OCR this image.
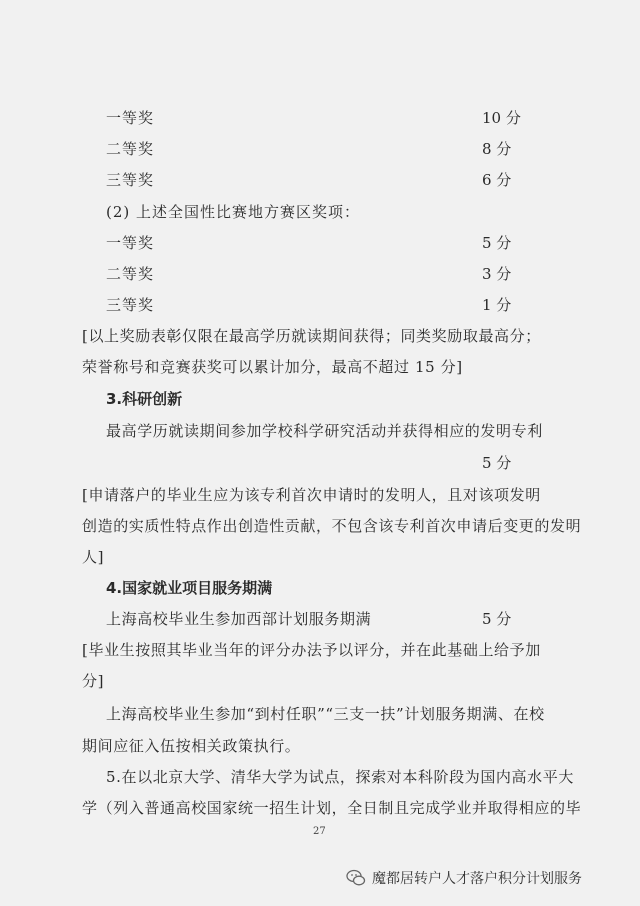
一等奖	10 分
二等奖	8 分
三等奖	6 分
(2) 上述全国性比赛地方赛区奖项：
一等奖	5 分
二等奖	3 分
三等奖	1 分
[以上奖励表彰仅限在最高学历就读期间获得；同类奖励取最高分；
荣誉称号和竞赛获奖可以累计加分，最高不超过 15 分]
3.科研创新
最高学历就读期间参加学校科学研究活动并获得相应的发明专利
5 分
[申请落户的毕业生应为该专利首次申请时的发明人，且对该项发明
创造的实质性特点作出创造性贡献，不包含该专利首次申请后变更的发明
人]
4.国家就业项目服务期满
上海高校毕业生参加西部计划服务期满	5 分
[毕业生按照其毕业当年的评分办法予以评分，并在此基础上给予加
分]
上海高校毕业生参加“到村任职”“三支一扶”计划服务期满、在校
期间应征入伍按相关政策执行。
5.在以北京大学、清华大学为试点，探索对本科阶段为国内高水平大
学（列入普通高校国家统一招生计划，全日制且完成学业并取得相应的毕
27
魔都居转户人才落户积分计划服务
